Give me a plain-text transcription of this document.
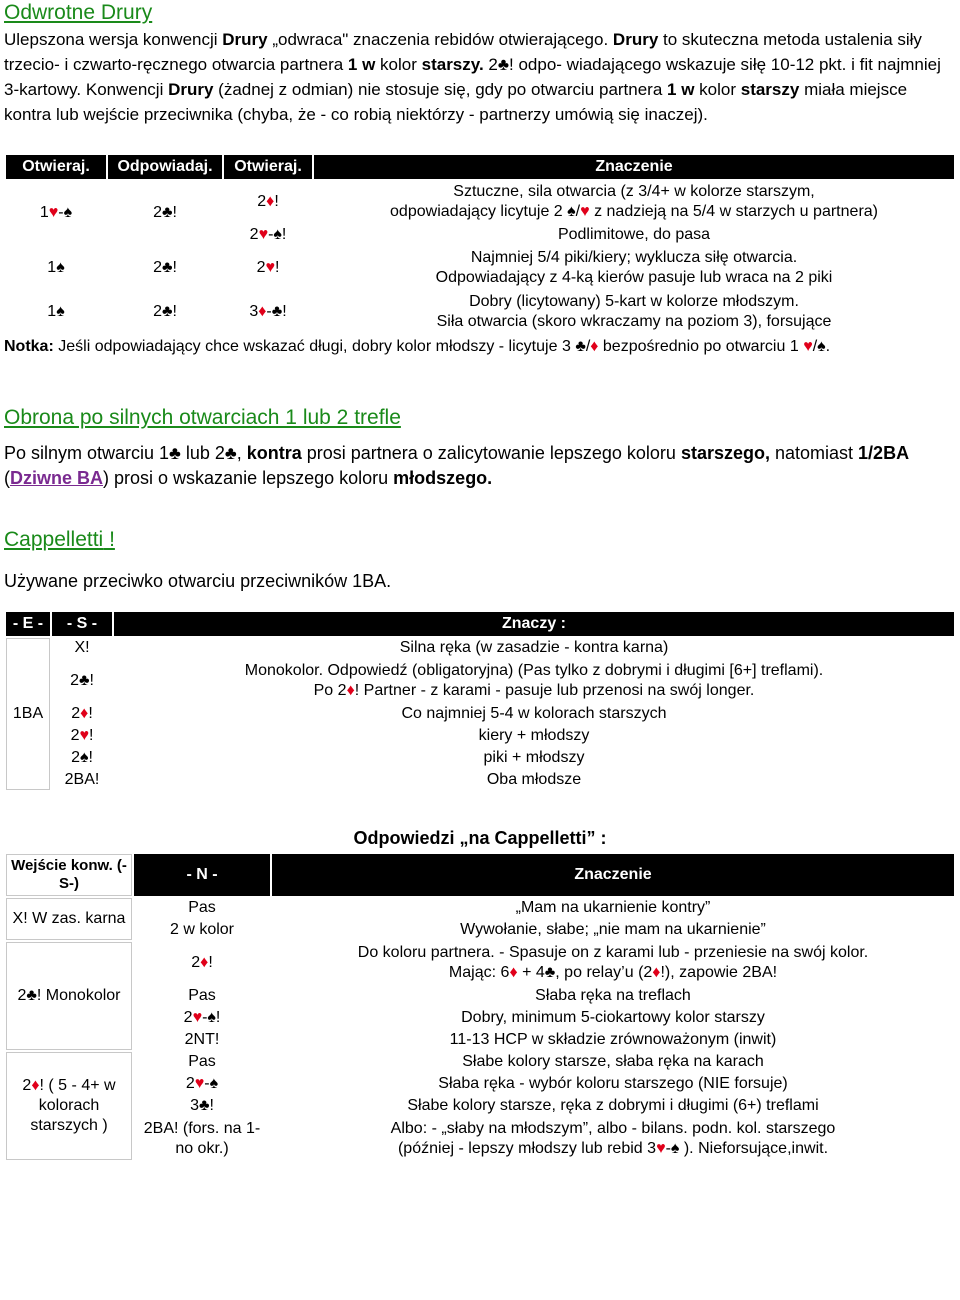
Odwrotne Drury

Ulepszona wersja konwencji Drury „odwraca" znaczenia rebidów otwierającego. Drury to skuteczna metoda ustalenia siły trzecio- i czwarto-ręcznego otwarcia partnera 1 w kolor starszy. 2♣! odpo- wiadającego wskazuje siłę 10-12 pkt. i fit najmniej 3-kartowy. Konwencji Drury (żadnej z odmian) nie stosuje się, gdy po otwarciu partnera 1 w kolor starszy miała miejsce kontra lub wejście przeciwnika (chyba, że - co robią niektórzy - partnerzy umówią się inaczej).

Otwieraj.	Odpowiadaj.	Otwieraj.	Znaczenie
1♥-♠	2♣!	2♦!	Sztuczne, sila otwarcia (z 3/4+ w kolorze starszym,
odpowiadający licytuje 2 ♠/♥ z nadzieją na 5/4 w starzych u partnera)

		2♥-♠!	Podlimitowe, do pasa
1♠	2♣!	2♥!	Najmniej 5/4 piki/kiery; wyklucza siłę otwarcia.
Odpowiadający z 4-ką kierów pasuje lub wraca na 2 piki

1♠	2♣!	3♦-♣!	Dobry (licytowany) 5-kart w kolorze młodszym.
Siła otwarcia (skoro wkraczamy na poziom 3), forsujące

Notka: Jeśli odpowiadający chce wskazać długi, dobry kolor młodszy - licytuje 3 ♣/♦ bezpośrednio po otwarciu 1 ♥/♠.

Obrona po silnych otwarciach 1 lub 2 trefle

Po silnym otwarciu 1♣ lub 2♣, kontra prosi partnera o zalicytowanie lepszego koloru starszego, natomiast 1/2BA (Dziwne BA) prosi o wskazanie lepszego koloru młodszego.

Cappelletti !

Używane przeciwko otwarciu przeciwników 1BA.

- E -	- S -	Znaczy :
1BA	X!	Silna ręka (w zasadzie - kontra karna)
	2♣!	Monokolor. Odpowiedź (obligatoryjna) (Pas tylko z dobrymi i długimi [6+] treflami).
Po 2♦! Partner - z karami - pasuje lub przenosi na swój longer.

	2♦!	Co najmniej 5-4 w kolorach starszych
	2♥!	kiery + młodszy
	2♠!	piki + młodszy
	2BA!	Oba młodsze
Odpowiedzi „na Cappelletti” :
Wejście konw. (-S-)	- N -	Znaczenie
X! W zas. karna	Pas	„Mam na ukarnienie kontry”
	2 w kolor	Wywołanie, słabe; „nie mam na ukarnienie”
2♣! Monokolor	2♦!	Do koloru partnera. - Spasuje on z karami lub - przeniesie na swój kolor.
Mając: 6♦ + 4♣, po relay’u (2♦!), zapowie 2BA!

	Pas	Słaba ręka na treflach
	2♥-♠!	Dobry, minimum 5-ciokartowy kolor starszy
	2NT!	11-13 HCP w składzie zrównoważonym (inwit)
2♦! ( 5 - 4+ w kolorach starszych )	Pas	Słabe kolory starsze, słaba ręka na karach
	2♥-♠	Słaba ręka - wybór koloru starszego (NIE forsuje)
	3♣!	Słabe kolory starsze, ręka z dobrymi i długimi (6+) treflami
	2BA! (fors. na 1-no okr.)	Albo: - „słaby na młodszym”, albo - bilans. podn. kol. starszego
(później - lepszy młodszy lub rebid 3♥-♠ ). Nieforsujące,inwit.
